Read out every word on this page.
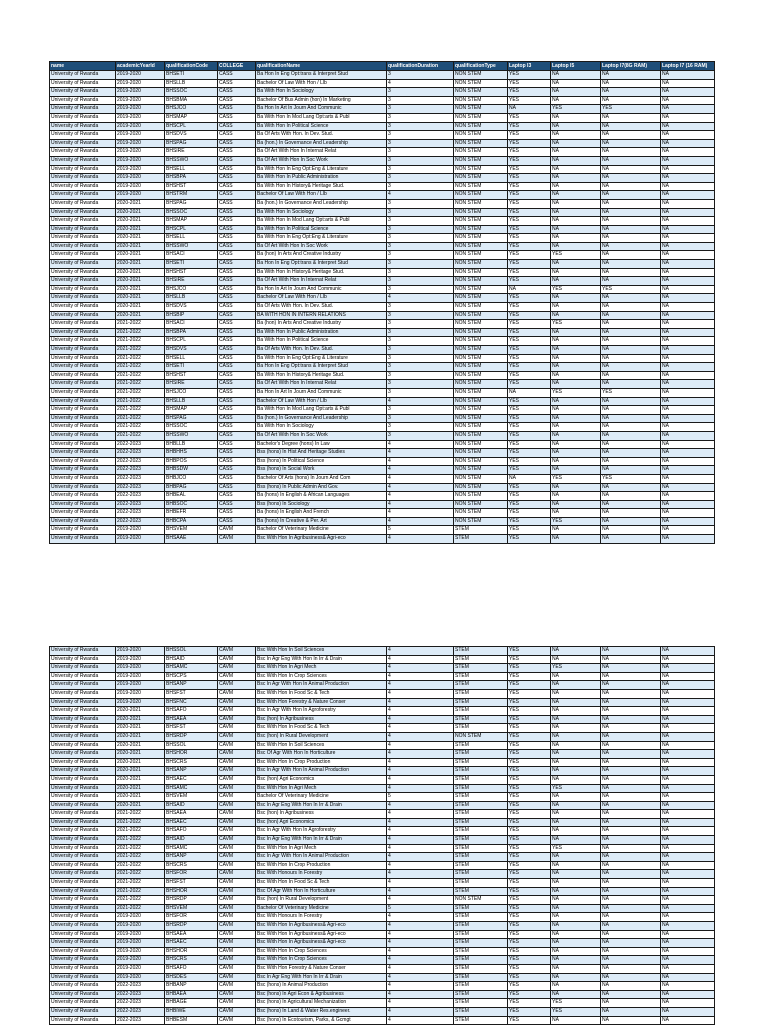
name	academicYearId	qualificationCode	COLLEGE	qualificationName	qualificationDuration	qualificationType	Laptop I3	Laptop I5	Laptop I7(8G RAM)	Laptop I7 (16 RAM)
University of Rwanda	2019-2020	BHSETI	CASS	Ba Hon In Eng Opt:trans & Interpret Stud	3	NON STEM	YES	NA	NA	NA
University of Rwanda	2019-2020	BHSLLB	CASS	Bachelor Of Law With Hon / Llb	4	NON STEM	YES	NA	NA	NA
University of Rwanda	2019-2020	BHSSOC	CASS	Ba With Hon In Sociology	3	NON STEM	YES	NA	NA	NA
University of Rwanda	2019-2020	BHSBMA	CASS	Bachelor Of Bus Admin (hon) In Marketing	3	NON STEM	YES	NA	NA	NA
University of Rwanda	2019-2020	BHSJCO	CASS	Ba Hon In Art In Journ And Communic	3	NON STEM	NA	YES	YES	NA
University of Rwanda	2019-2020	BHSMAP	CASS	Ba With Hon In Mod Lang Opt:arts & Publ	3	NON STEM	YES	NA	NA	NA
University of Rwanda	2019-2020	BHSCPL	CASS	Ba With Hon In Political Science	3	NON STEM	YES	NA	NA	NA
University of Rwanda	2019-2020	BHSDVS	CASS	Ba Of Arts With Hon. In Dev. Stud.	3	NON STEM	YES	NA	NA	NA
University of Rwanda	2019-2020	BHSPAG	CASS	Ba (hon.) In Governance And Leadership	3	NON STEM	YES	NA	NA	NA
University of Rwanda	2019-2020	BHSIRE	CASS	Ba Of Art With Hon In Internat Relat	3	NON STEM	YES	NA	NA	NA
University of Rwanda	2019-2020	BHSSWO	CASS	Ba Of Art With Hon In Soc Work	3	NON STEM	YES	NA	NA	NA
University of Rwanda	2019-2020	BHSELL	CASS	Ba With Hon In Eng Opt:Eng & Literature	3	NON STEM	YES	NA	NA	NA
University of Rwanda	2019-2020	BHSBPA	CASS	Ba With Hon In Public Administration	3	NON STEM	YES	NA	NA	NA
University of Rwanda	2019-2020	BHSHST	CASS	Ba With Hon In History& Heritage Stud.	3	NON STEM	YES	NA	NA	NA
University of Rwanda	2019-2020	BHSTRM	CASS	Bachelor Of Law With Hon / Llb	4	NON STEM	YES	NA	NA	NA
University of Rwanda	2020-2021	BHSPAG	CASS	Ba (hon.) In Governance And Leadership	3	NON STEM	YES	NA	NA	NA
University of Rwanda	2020-2021	BHSSOC	CASS	Ba With Hon In Sociology	3	NON STEM	YES	NA	NA	NA
University of Rwanda	2020-2021	BHSMAP	CASS	Ba With Hon In Mod Lang Opt:arts & Publ	3	NON STEM	YES	NA	NA	NA
University of Rwanda	2020-2021	BHSCPL	CASS	Ba With Hon In Political Science	3	NON STEM	YES	NA	NA	NA
University of Rwanda	2020-2021	BHSELL	CASS	Ba With Hon In Eng Opt:Eng & Literature	3	NON STEM	YES	NA	NA	NA
University of Rwanda	2020-2021	BHSSWO	CASS	Ba Of Art With Hon In Soc Work	3	NON STEM	YES	NA	NA	NA
University of Rwanda	2020-2021	BHSACI	CASS	Ba (hon) In Arts And Creative Industry	3	NON STEM	YES	YES	NA	NA
University of Rwanda	2020-2021	BHSETI	CASS	Ba Hon In Eng Opt:trans & Interpret Stud	3	NON STEM	YES	NA	NA	NA
University of Rwanda	2020-2021	BHSHST	CASS	Ba With Hon In History& Heritage Stud.	3	NON STEM	YES	NA	NA	NA
University of Rwanda	2020-2021	BHSIRE	CASS	Ba Of Art With Hon In Internat Relat	3	NON STEM	YES	NA	NA	NA
University of Rwanda	2020-2021	BHSJCO	CASS	Ba Hon In Art In Journ And Communic	3	NON STEM	NA	YES	YES	NA
University of Rwanda	2020-2021	BHSLLB	CASS	Bachelor Of Law With Hon / Llb	4	NON STEM	YES	NA	NA	NA
University of Rwanda	2020-2021	BHSDVS	CASS	Ba Of Arts With Hon. In Dev. Stud.	3	NON STEM	YES	NA	NA	NA
University of Rwanda	2020-2021	BHSBIP	CASS	BA WITH HON IN INTERN RELATIONS	3	NON STEM	YES	NA	NA	NA
University of Rwanda	2021-2022	BHSACI	CASS	Ba (hon) In Arts And Creative Industry	3	NON STEM	YES	YES	NA	NA
University of Rwanda	2021-2022	BHSBPA	CASS	Ba With Hon In Public Administration	3	NON STEM	YES	NA	NA	NA
University of Rwanda	2021-2022	BHSCPL	CASS	Ba With Hon In Political Science	3	NON STEM	YES	NA	NA	NA
University of Rwanda	2021-2022	BHSDVS	CASS	Ba Of Arts With Hon. In Dev. Stud.	3	NON STEM	YES	NA	NA	NA
University of Rwanda	2021-2022	BHSELL	CASS	Ba With Hon In Eng Opt:Eng & Literature	3	NON STEM	YES	NA	NA	NA
University of Rwanda	2021-2022	BHSETI	CASS	Ba Hon In Eng Opt:trans & Interpret Stud	3	NON STEM	YES	NA	NA	NA
University of Rwanda	2021-2022	BHSHST	CASS	Ba With Hon In History& Heritage Stud.	3	NON STEM	YES	NA	NA	NA
University of Rwanda	2021-2022	BHSIRE	CASS	Ba Of Art With Hon In Internat Relat	3	NON STEM	YES	NA	NA	NA
University of Rwanda	2021-2022	BHSJCO	CASS	Ba Hon In Art In Journ And Communic	3	NON STEM	NA	YES	YES	NA
University of Rwanda	2021-2022	BHSLLB	CASS	Bachelor Of Law With Hon / Llb	4	NON STEM	YES	NA	NA	NA
University of Rwanda	2021-2022	BHSMAP	CASS	Ba With Hon In Mod Lang Opt:arts & Publ	3	NON STEM	YES	NA	NA	NA
University of Rwanda	2021-2022	BHSPAG	CASS	Ba (hon.) In Governance And Leadership	3	NON STEM	YES	NA	NA	NA
University of Rwanda	2021-2022	BHSSOC	CASS	Ba With Hon In Sociology	3	NON STEM	YES	NA	NA	NA
University of Rwanda	2021-2022	BHSSWO	CASS	Ba Of Art With Hon In Soc Work	3	NON STEM	YES	NA	NA	NA
University of Rwanda	2022-2023	BHBLLB	CASS	Bachelor's Degree (hons) In Law	4	NON STEM	YES	NA	NA	NA
University of Rwanda	2022-2023	BHBHHS	CASS	Bss (hons) In Hist And Heritage Studies	4	NON STEM	YES	NA	NA	NA
University of Rwanda	2022-2023	BHBPOS	CASS	Bss (hons) In Political Science	4	NON STEM	YES	NA	NA	NA
University of Rwanda	2022-2023	BHBSDW	CASS	Bss (hons) In Social Work	4	NON STEM	YES	NA	NA	NA
University of Rwanda	2022-2023	BHBJCO	CASS	Bachelor Of Arts (hons) In Journ And Com	4	NON STEM	NA	YES	YES	NA
University of Rwanda	2022-2023	BHBPAG	CASS	Bss (hons) In Public Admin And Gov.	4	NON STEM	YES	NA	NA	NA
University of Rwanda	2022-2023	BHBEAL	CASS	Ba (hons) In English & African Languages	4	NON STEM	YES	NA	NA	NA
University of Rwanda	2022-2023	BHBSOC	CASS	Bss (hons) In Sociology	4	NON STEM	YES	NA	NA	NA
University of Rwanda	2022-2023	BHBEFR	CASS	Ba (hons) In English And French	4	NON STEM	YES	NA	NA	NA
University of Rwanda	2022-2023	BHBCPA	CASS	Ba (hons) In Creative & Per. Art	4	NON STEM	YES	YES	NA	NA
University of Rwanda	2019-2020	BHSVEM	CAVM	Bachelor Of Veterinary Medicine	5	STEM	YES	NA	NA	NA
University of Rwanda	2019-2020	BHSAAE	CAVM	Bsc With Hon In Agribusiness& Agri-eco	4	STEM	YES	NA	NA	NA
University of Rwanda	2019-2020	BHSSOL	CAVM	Bsc With Hon In Soil Sciences	4	STEM	YES	NA	NA	NA
University of Rwanda	2019-2020	BHSAID	CAVM	Bsc In Agr Eng With Hon In Irr & Drain	4	STEM	YES	NA	NA	NA
University of Rwanda	2019-2020	BHSAMC	CAVM	Bsc With Hon In Agri Mech	4	STEM	YES	YES	NA	NA
University of Rwanda	2019-2020	BHSCPS	CAVM	Bsc With Hon In Crop Sciences	4	STEM	YES	NA	NA	NA
University of Rwanda	2019-2020	BHSANP	CAVM	Bsc In Agr With Hon In Animal Production	4	STEM	YES	NA	NA	NA
University of Rwanda	2019-2020	BHSFST	CAVM	Bsc With Hon In Food Sc & Tech	4	STEM	YES	NA	NA	NA
University of Rwanda	2019-2020	BHSFNC	CAVM	Bsc With Hon Forestry & Nature Conser	4	STEM	YES	NA	NA	NA
University of Rwanda	2020-2021	BHSAFO	CAVM	Bsc In Agr With Hon In Agroforestry	4	STEM	YES	NA	NA	NA
University of Rwanda	2020-2021	BHSAEA	CAVM	Bsc (hon) In Agribusiness	4	STEM	YES	NA	NA	NA
University of Rwanda	2020-2021	BHSFST	CAVM	Bsc With Hon In Food Sc & Tech	4	STEM	YES	NA	NA	NA
University of Rwanda	2020-2021	BHSRDP	CAVM	Bsc (hon) In Rural Development	4	NON STEM	YES	NA	NA	NA
University of Rwanda	2020-2021	BHSSOL	CAVM	Bsc With Hon In Soil Sciences	4	STEM	YES	NA	NA	NA
University of Rwanda	2020-2021	BHSHOR	CAVM	Bsc Of Agr With Hon In Horticulture	4	STEM	YES	NA	NA	NA
University of Rwanda	2020-2021	BHSCRS	CAVM	Bsc With Hon In Crop Production	4	STEM	YES	NA	NA	NA
University of Rwanda	2020-2021	BHSANP	CAVM	Bsc In Agr With Hon In Animal Production	4	STEM	YES	NA	NA	NA
University of Rwanda	2020-2021	BHSAEC	CAVM	Bsc (hon) Agri Economics	4	STEM	YES	NA	NA	NA
University of Rwanda	2020-2021	BHSAMC	CAVM	Bsc With Hon In Agri Mech	4	STEM	YES	YES	NA	NA
University of Rwanda	2020-2021	BHSVEM	CAVM	Bachelor Of Veterinary Medicine	5	STEM	YES	NA	NA	NA
University of Rwanda	2020-2021	BHSAID	CAVM	Bsc In Agr Eng With Hon In Irr & Drain	4	STEM	YES	NA	NA	NA
University of Rwanda	2021-2022	BHSAEA	CAVM	Bsc (hon) In Agribusiness	4	STEM	YES	NA	NA	NA
University of Rwanda	2021-2022	BHSAEC	CAVM	Bsc (hon) Agri Economics	4	STEM	YES	NA	NA	NA
University of Rwanda	2021-2022	BHSAFO	CAVM	Bsc In Agr With Hon In Agroforestry	4	STEM	YES	NA	NA	NA
University of Rwanda	2021-2022	BHSAID	CAVM	Bsc In Agr Eng With Hon In Irr & Drain	4	STEM	YES	NA	NA	NA
University of Rwanda	2021-2022	BHSAMC	CAVM	Bsc With Hon In Agri Mech	4	STEM	YES	YES	NA	NA
University of Rwanda	2021-2022	BHSANP	CAVM	Bsc In Agr With Hon In Animal Production	4	STEM	YES	NA	NA	NA
University of Rwanda	2021-2022	BHSCRS	CAVM	Bsc With Hon In Crop Production	4	STEM	YES	NA	NA	NA
University of Rwanda	2021-2022	BHSFOR	CAVM	Bsc With Honours In Forestry	4	STEM	YES	NA	NA	NA
University of Rwanda	2021-2022	BHSFST	CAVM	Bsc With Hon In Food Sc & Tech	4	STEM	YES	NA	NA	NA
University of Rwanda	2021-2022	BHSHOR	CAVM	Bsc Of Agr With Hon In Horticulture	4	STEM	YES	NA	NA	NA
University of Rwanda	2021-2022	BHSRDP	CAVM	Bsc (hon) In Rural Development	4	NON STEM	YES	NA	NA	NA
University of Rwanda	2021-2022	BHSVEM	CAVM	Bachelor Of Veterinary Medicine	5	STEM	YES	NA	NA	NA
University of Rwanda	2019-2020	BHSFOR	CAVM	Bsc With Honours In Forestry	4	STEM	YES	NA	NA	NA
University of Rwanda	2019-2020	BHSRDP	CAVM	Bsc With Hon In Agribusiness& Agri-eco	4	STEM	YES	NA	NA	NA
University of Rwanda	2019-2020	BHSAEA	CAVM	Bsc With Hon In Agribusiness& Agri-eco	4	STEM	YES	NA	NA	NA
University of Rwanda	2019-2020	BHSAEC	CAVM	Bsc With Hon In Agribusiness& Agri-eco	4	STEM	YES	NA	NA	NA
University of Rwanda	2019-2020	BHSHOR	CAVM	Bsc With Hon In Crop Sciences	4	STEM	YES	NA	NA	NA
University of Rwanda	2019-2020	BHSCRS	CAVM	Bsc With Hon In Crop Sciences	4	STEM	YES	NA	NA	NA
University of Rwanda	2019-2020	BHSAFO	CAVM	Bsc With Hon Forestry & Nature Conser	4	STEM	YES	NA	NA	NA
University of Rwanda	2019-2020	BHSDES	CAVM	Bsc In Agr Eng With Hon In Irr & Drain	4	STEM	YES	NA	NA	NA
University of Rwanda	2022-2023	BHBANP	CAVM	Bsc (hons) In Animal Production	4	STEM	YES	NA	NA	NA
University of Rwanda	2022-2023	BHBAEA	CAVM	Bsc (hons) In Agri Econ & Agribusiness	4	STEM	YES	NA	NA	NA
University of Rwanda	2022-2023	BHBAGE	CAVM	Bsc (hons) In Agricultural Mechanization	4	STEM	YES	YES	NA	NA
University of Rwanda	2022-2023	BHBIWE	CAVM	Bsc (hons) In Land & Water Res.engineer.	4	STEM	YES	YES	NA	NA
University of Rwanda	2022-2023	BHBESM	CAVM	Bsc (hons) In Ecotourism, Parks, & Gcmgt	4	STEM	YES	NA	NA	NA
